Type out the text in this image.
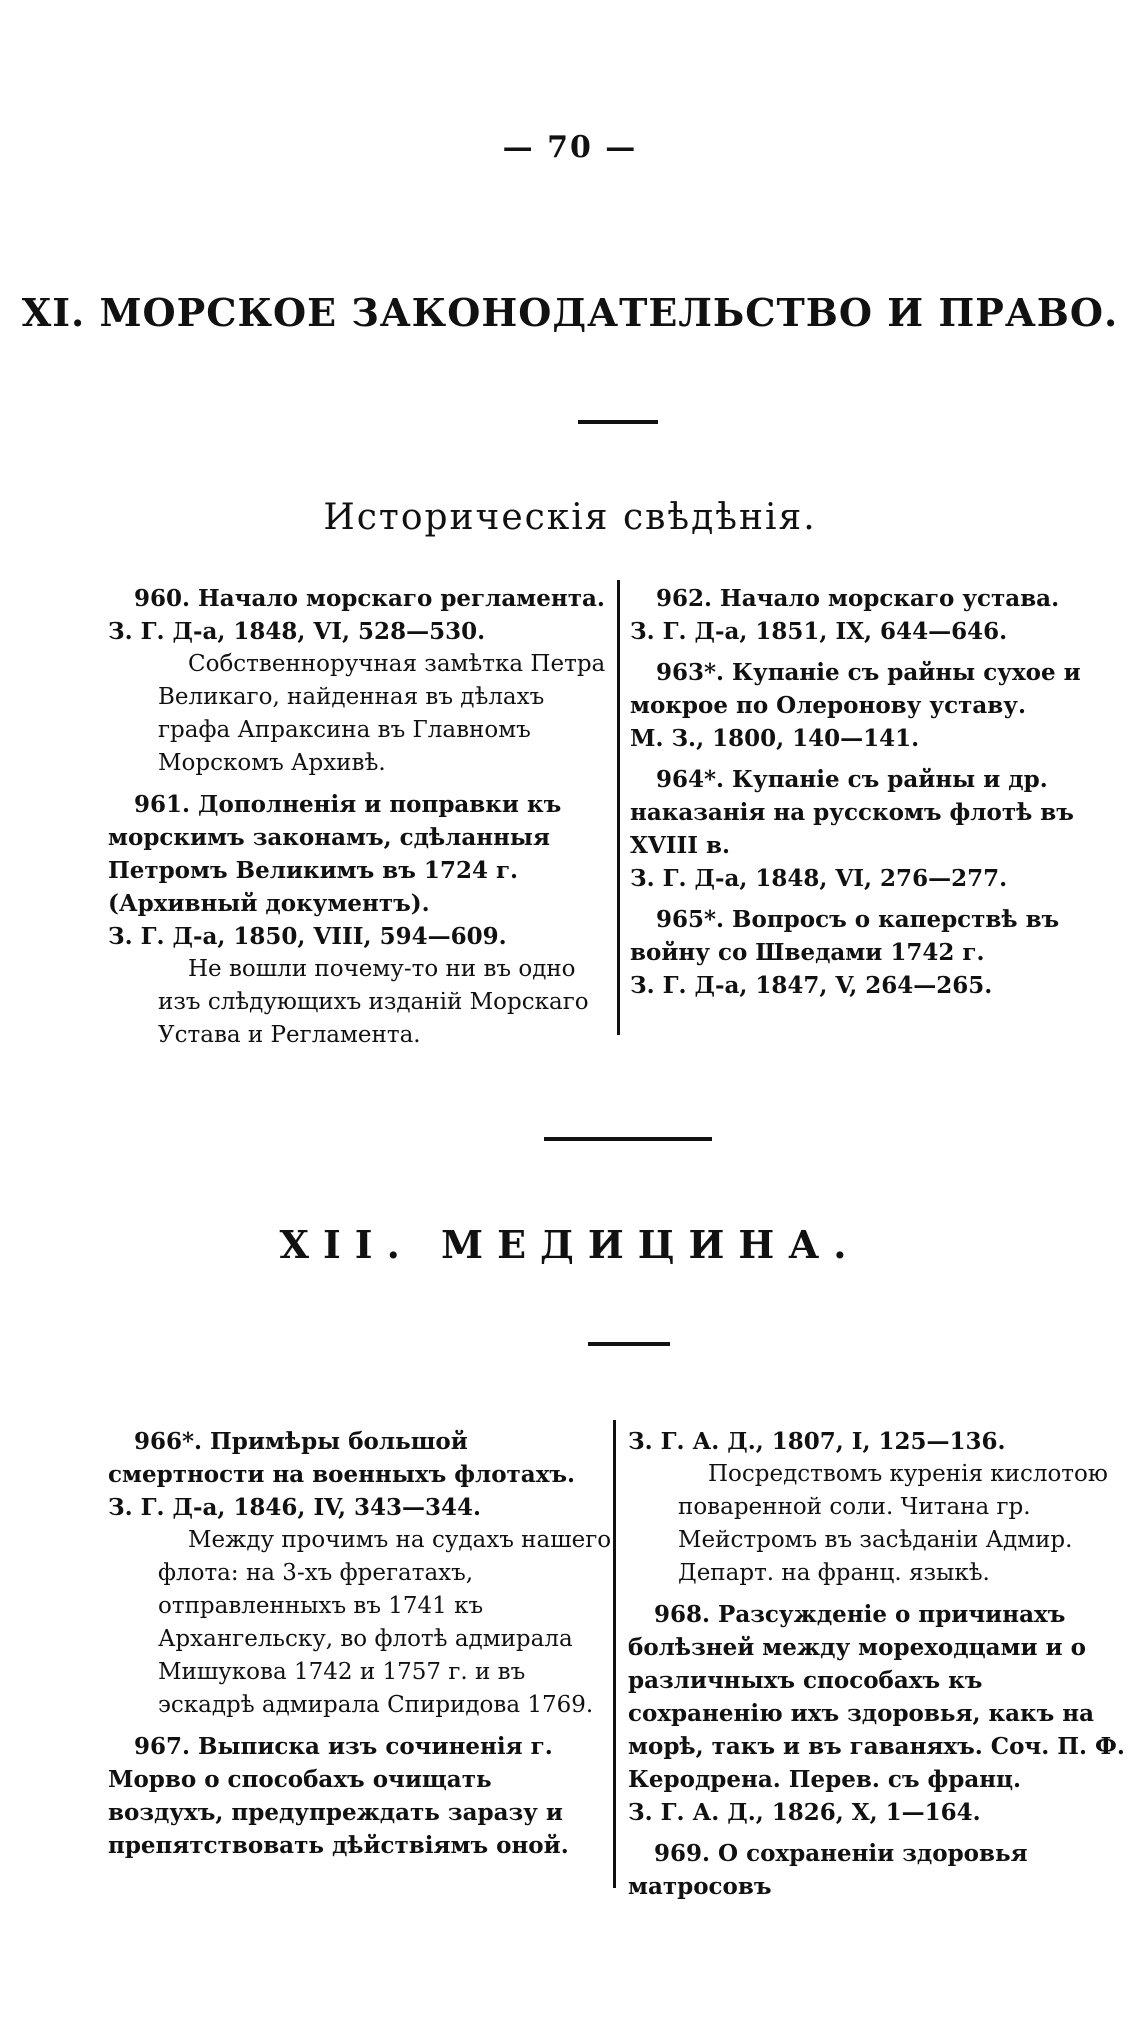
— 70 —
XI. МОРСКОЕ ЗАКОНОДАТЕЛЬСТВО И ПРАВО.
Историческiя свѣдѣнiя.

960. Начало морскаго регламента.

З. Г. Д-а, 1848, VI, 528—530.

Собственноручная замѣтка Петра Великаго, найденная въ дѣлахъ графа Апраксина въ Главномъ Морскомъ Архивѣ.

961. Дополненiя и поправки къ морскимъ законамъ, сдѣланныя Петромъ Великимъ въ 1724 г. (Архивный документъ).

З. Г. Д-а, 1850, VIII, 594—609.

Не вошли почему-то ни въ одно изъ слѣдующихъ изданiй Морскаго Устава и Регламента.

962. Начало морскаго устава.

З. Г. Д-а, 1851, IX, 644—646.

963*. Купанiе съ райны сухое и мокрое по Олеронову уставу.

М. З., 1800, 140—141.

964*. Купанiе съ райны и др. наказанiя на русскомъ флотѣ въ XVIII в.

З. Г. Д-а, 1848, VI, 276—277.

965*. Вопросъ о каперствѣ въ войну со Шведами 1742 г.

З. Г. Д-а, 1847, V, 264—265.

XII. МЕДИЦИНА.

966*. Примѣры большой смертности на военныхъ флотахъ.

З. Г. Д-а, 1846, IV, 343—344.

Между прочимъ на судахъ нашего флота: на 3-хъ фрегатахъ, отправленныхъ въ 1741 къ Архангельску, во флотѣ адмирала Мишукова 1742 и 1757 г. и въ эскадрѣ адмирала Спиридова 1769.

967. Выписка изъ сочиненiя г. Морво о способахъ очищать воздухъ, предупреждать заразу и препятствовать дѣйствiямъ оной.

З. Г. А. Д., 1807, I, 125—136.

Посредствомъ куренiя кислотою поваренной соли. Читана гр. Мейстромъ въ засѣданiи Адмир. Департ. на франц. языкѣ.

968. Разсужденiе о причинахъ болѣзней между мореходцами и о различныхъ способахъ къ сохраненiю ихъ здоровья, какъ на морѣ, такъ и въ гаваняхъ. Соч. П. Ф. Керодрена. Перев. съ франц.

З. Г. А. Д., 1826, X, 1—164.

969. О сохраненiи здоровья матросовъ
